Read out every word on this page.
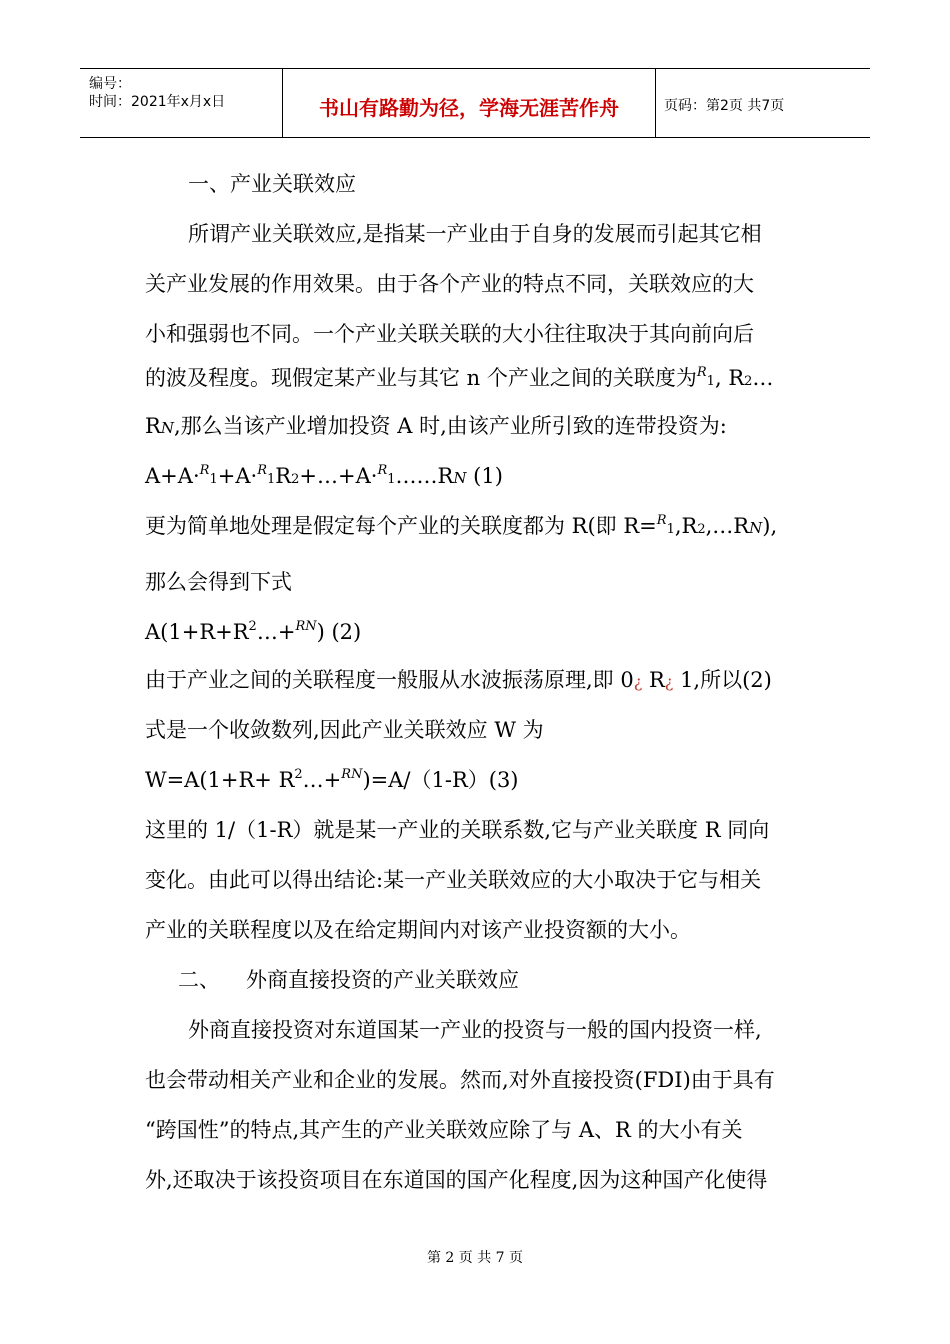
编号：
时间：2021年x月x日	书山有路勤为径，学海无涯苦作舟	页码：第2页 共7页
一、产业关联效应
所谓产业关联效应,是指某一产业由于自身的发展而引起其它相
关产业发展的作用效果。由于各个产业的特点不同，关联效应的大
小和强弱也不同。一个产业关联关联的大小往往取决于其向前向后
的波及程度。现假定某产业与其它 n 个产业之间的关联度为$^R$1, R2…
RN,那么当该产业增加投资 A 时,由该产业所引致的连带投资为:
A+A·$^R$1+A·$^R$1R2+…+A·$^R$1……RN (1)
更为简单地处理是假定每个产业的关联度都为 R(即 R=$^R$1,R2,…RN),
那么会得到下式
$A(1+R+R^2\dots+^{RN})$ (2)
由于产业之间的关联程度一般服从水波振荡原理,即 0¿ R¿ 1,所以(2)
式是一个收敛数列,因此产业关联效应 W 为
$W=A(1+R+ R^2\dots+^{RN})=A/(1-R)(3)$
这里的 1/（1-R）就是某一产业的关联系数,它与产业关联度 R 同向
变化。由此可以得出结论:某一产业关联效应的大小取决于它与相关
产业的关联程度以及在给定期间内对该产业投资额的大小。
二、 外商直接投资的产业关联效应
外商直接投资对东道国某一产业的投资与一般的国内投资一样,
也会带动相关产业和企业的发展。然而,对外直接投资(FDI)由于具有
“跨国性”的特点,其产生的产业关联效应除了与 A、R 的大小有关
外,还取决于该投资项目在东道国的国产化程度,因为这种国产化使得
第 2 页 共 7 页
